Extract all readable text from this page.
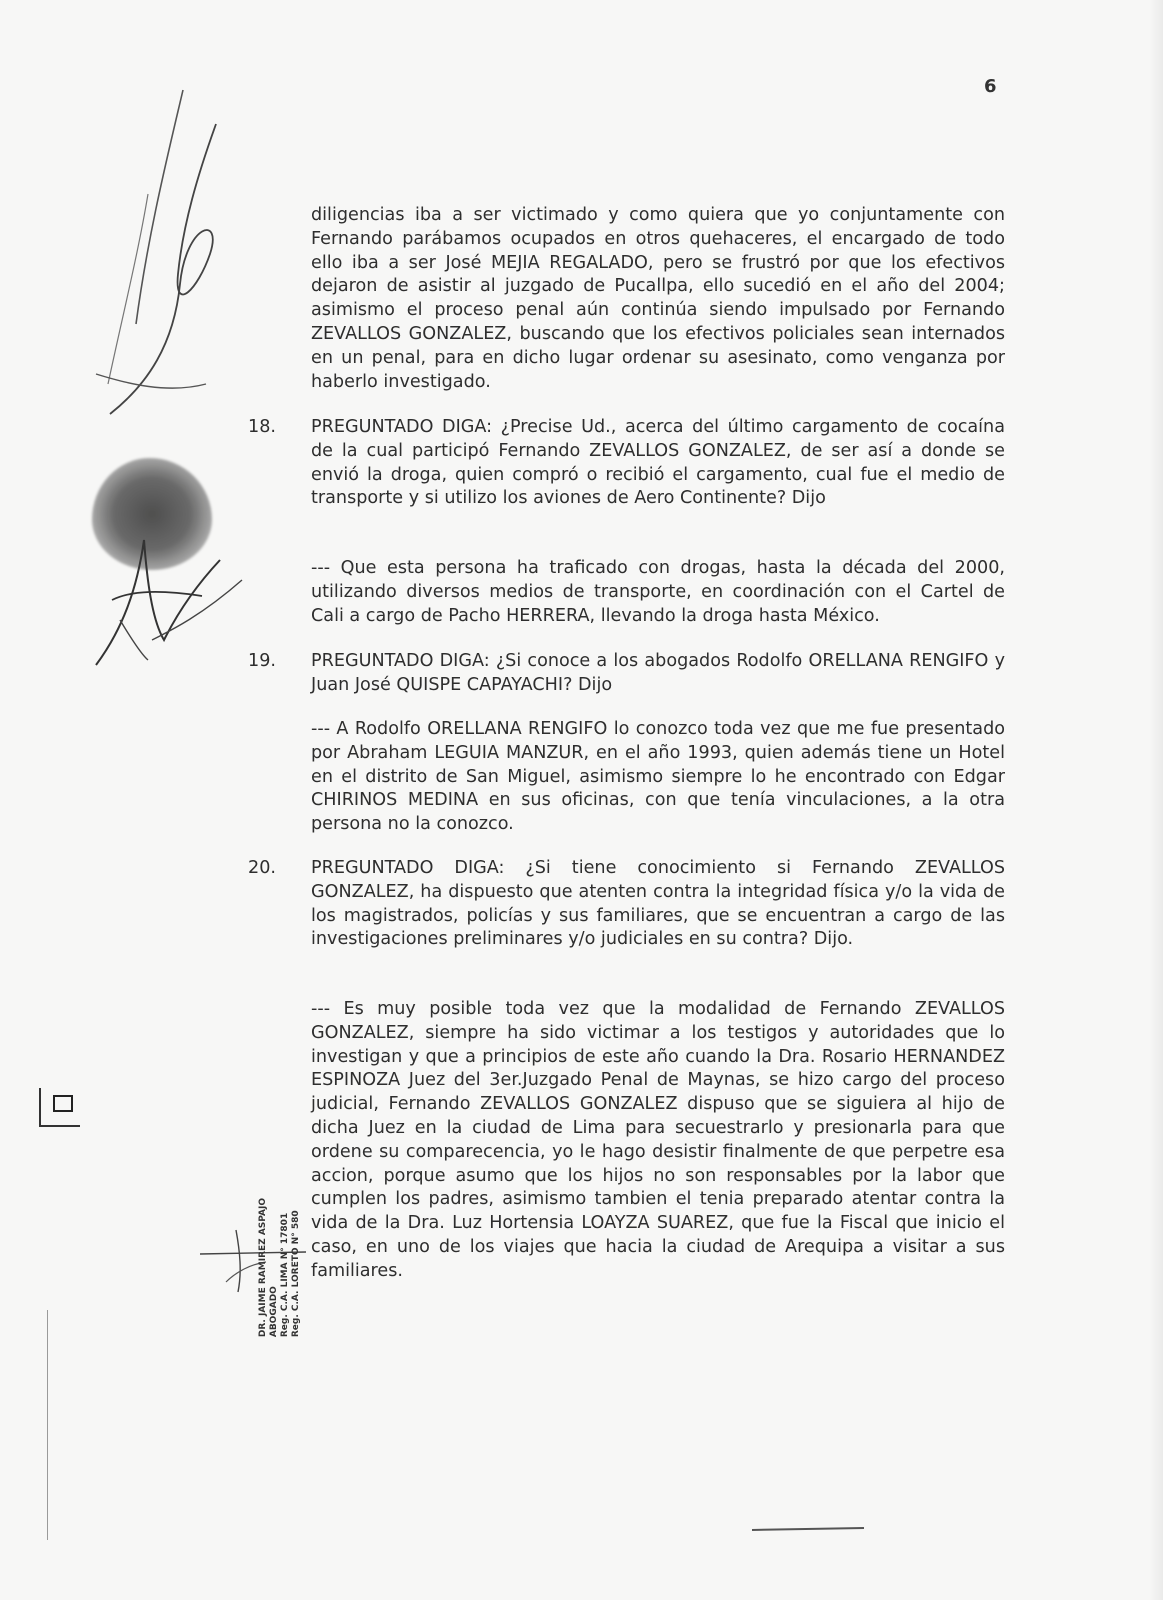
6
DR. JAIME RAMIREZ ASPAJO
ABOGADO
Reg. C.A. LIMA N° 17801
Reg. C.A. LORETO N° 580

diligencias iba a ser victimado y como quiera que yo conjuntamente con Fernando parábamos ocupados en otros quehaceres, el encargado de todo ello iba a ser José MEJIA REGALADO, pero se frustró por que los efectivos dejaron de asistir al juzgado de Pucallpa, ello sucedió en el año del 2004; asimismo el proceso penal aún continúa siendo impulsado por Fernando ZEVALLOS GONZALEZ, buscando que los efectivos policiales sean internados en un penal, para en dicho lugar ordenar su asesinato, como venganza por haberlo investigado.

18. PREGUNTADO DIGA: ¿Precise Ud., acerca del último cargamento de cocaína de la cual participó Fernando ZEVALLOS GONZALEZ, de ser así a donde se envió la droga, quien compró o recibió el cargamento, cual fue el medio de transporte y si utilizo los aviones de Aero Continente? Dijo

--- Que esta persona ha traficado con drogas, hasta la década del 2000, utilizando diversos medios de transporte, en coordinación con el Cartel de Cali a cargo de Pacho HERRERA, llevando la droga hasta México.

19. PREGUNTADO DIGA: ¿Si conoce a los abogados Rodolfo ORELLANA RENGIFO y Juan José QUISPE CAPAYACHI? Dijo

--- A Rodolfo ORELLANA RENGIFO lo conozco toda vez que me fue presentado por Abraham LEGUIA MANZUR, en el año 1993, quien además tiene un Hotel en el distrito de San Miguel, asimismo siempre lo he encontrado con Edgar CHIRINOS MEDINA en sus oficinas, con que tenía vinculaciones, a la otra persona no la conozco.

20. PREGUNTADO DIGA: ¿Si tiene conocimiento si Fernando ZEVALLOS GONZALEZ, ha dispuesto que atenten contra la integridad física y/o la vida de los magistrados, policías y sus familiares, que se encuentran a cargo de las investigaciones preliminares y/o judiciales en su contra? Dijo.

--- Es muy posible toda vez que la modalidad de Fernando ZEVALLOS GONZALEZ, siempre ha sido victimar a los testigos y autoridades que lo investigan y que a principios de este año cuando la Dra. Rosario HERNANDEZ ESPINOZA Juez del 3er.Juzgado Penal de Maynas, se hizo cargo del proceso judicial, Fernando ZEVALLOS GONZALEZ dispuso que se siguiera al hijo de dicha Juez en la ciudad de Lima para secuestrarlo y presionarla para que ordene su comparecencia, yo le hago desistir finalmente de que perpetre esa accion, porque asumo que los hijos no son responsables por la labor que cumplen los padres, asimismo tambien el tenia preparado atentar contra la vida de la Dra. Luz Hortensia LOAYZA SUAREZ, que fue la Fiscal que inicio el caso, en uno de los viajes que hacia la ciudad de Arequipa a visitar a sus familiares.
